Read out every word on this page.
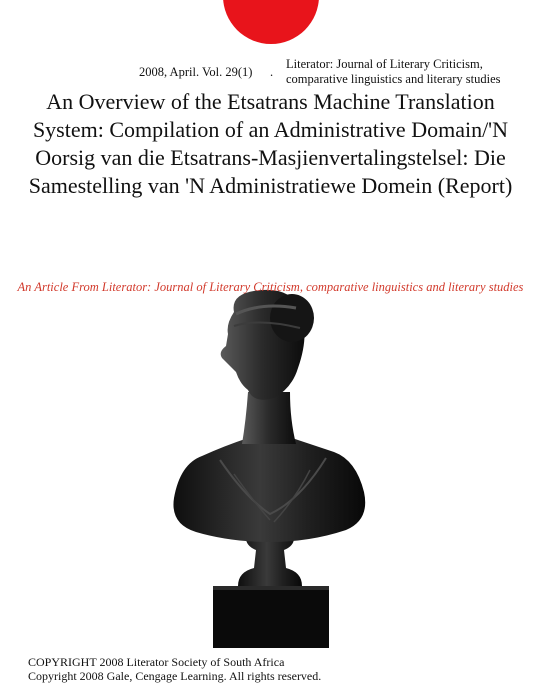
2008, April. Vol. 29(1) .
Literator: Journal of Literary Criticism,
comparative linguistics and literary studies
An Overview of the Etsatrans Machine Translation System: Compilation of an Administrative Domain/'N Oorsig van die Etsatrans-Masjienvertalingstelsel: Die Samestelling van 'N Administratiewe Domein (Report)
An Article From Literator: Journal of Literary Criticism, comparative linguistics and literary studies
COPYRIGHT 2008 Literator Society of South Africa
Copyright 2008 Gale, Cengage Learning. All rights reserved.
